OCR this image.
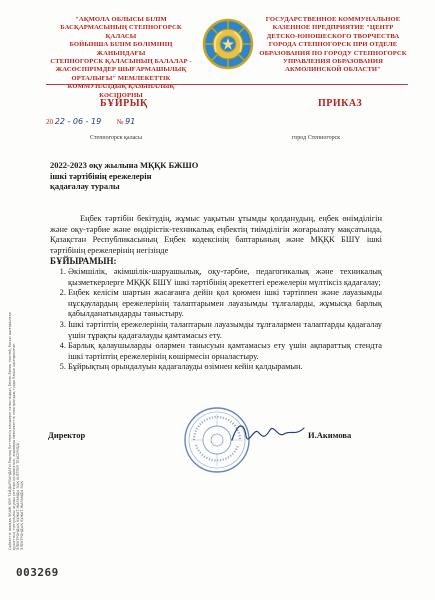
"АҚМОЛА ОБЛЫСЫ БІЛІМ
БАСҚАРМАСЫНЫҢ СТЕПНОГОРСК ҚАЛАСЫ
БОЙЫНША БІЛІМ БӨЛІМІНІҢ ЖАНЫНДАҒЫ
СТЕПНОГОРСК ҚАЛАСЫНЫҢ БАЛАЛАР -
ЖАСӨСПІРІМДЕР ШЫҒАРМАШЫЛЫҚ
ОРТАЛЫҒЫ" МЕМЛЕКЕТТІК
КОММУНАЛДЫҚ ҚАЗЫНАЛЫҚ КӘСІПОРНЫ
ГОСУДАРСТВЕННОЕ КОММУНАЛЬНОЕ
КАЗЕННОЕ ПРЕДПРИЯТИЕ "ЦЕНТР
ДЕТСКО-ЮНОШЕСКОГО ТВОРЧЕСТВА
ГОРОДА СТЕПНОГОРСК ПРИ ОТДЕЛЕ
ОБРАЗОВАНИЯ ПО ГОРОДУ СТЕПНОГОРСК
УПРАВЛЕНИЯ ОБРАЗОВАНИЯ
АКМОЛИНСКОЙ ОБЛАСТИ"
БҰЙРЫҚ	ПРИКАЗ
20 22 - 06 - 19 № 91
Степногорск қаласы	город Степногорск
2022-2023 оқу жылына МҚҚК БЖШО
ішкі тәртібінің ережелерін
қадағалау туралы

Еңбек тәртібін бекітудің, жұмыс уақытын ұтымды қолданудың, еңбек өнімділігін және оқу-тәрбие және өндірістік-техникалық еңбектің тиімділігін жоғарылату мақсатында, Қазақстан Республикасының Еңбек кодексінің баптарының және МҚҚК БШҮ ішкі тәртібінің ережелерінің негізінде

БҰЙЫРАМЫН:

1. Әкімшілік, әкімшілік-шаруашылық, оқу-тәрбие, педагогикалық және техникалық қызметкерлерге МҚҚК БШҮ ішкі тәртібінің әрекеттегі ережелерін мүлтіксіз қадағалау;
2. Еңбек келісім шартын жасағанға дейін қол қоюмен ішкі тәртіппен және лауазымды нұсқаулардың ережелерінің талаптарымен лауазымды тұлғаларды, жұмысқа барлық қабылданатындарды таныстыру.
3. Ішкі тәртіптің ережелерінің талаптарын лауазымды тұлғалармен талаптарды қадағалау үшін тұрақты қадағалауды қамтамасыз ету.
4. Барлық қалаушыларды олармен танысуын қамтамасыз ету үшін ақпараттық стендта ішкі тәртіптің ережелерінің көшірмесін орналастыру.
5. Бұйрықтың орындалуын қадағалауды өзімнен кейін қалдырамын.
Директор	И.Акимова
Сәйкестік аныққа ЭҚАЖ КЕРІ ТАЙДЫРУЫНДАҒЫ барлық беттерінің мөлшерін салыстырып, бөлек-бөлек тікелей, басып шығарылған құжаттың түпнұсқасы жұмыс ретінде қолданатын, жарамды мемлекеттік электрондық түрде басып шығарылған ЭЛЕКТРОНДЫҚ ҚҰЖАТ ЖАРАМДЫ ЭЦҚ КІЛТТЕРІ ТЕКСЕРІЛДІ ЭЛЕКТРОНДЫҚ ҚҰЖАТ ЖАРАМДЫ ЭЦҚ
003269
